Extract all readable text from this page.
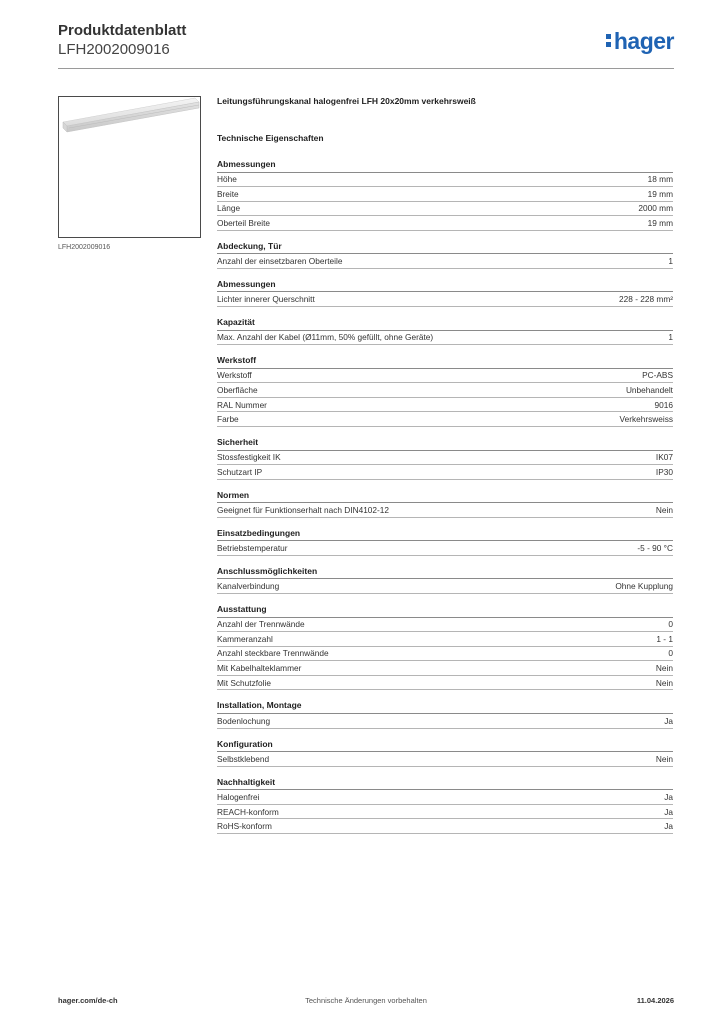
Produktdatenblatt
LFH2002009016	hager
LFH2002009016
Leitungsführungskanal halogenfrei LFH 20x20mm verkehrsweiß
Technische Eigenschaften
Abmessungen
Höhe	18 mm
Breite	19 mm
Länge	2000 mm
Oberteil Breite	19 mm
Abdeckung, Tür
Anzahl der einsetzbaren Oberteile	1
Abmessungen
Lichter innerer Querschnitt	228 - 228 mm²
Kapazität
Max. Anzahl der Kabel (Ø11mm, 50% gefüllt, ohne Geräte)	1
Werkstoff
Werkstoff	PC-ABS
Oberfläche	Unbehandelt
RAL Nummer	9016
Farbe	Verkehrsweiss
Sicherheit
Stossfestigkeit IK	IK07
Schutzart IP	IP30
Normen
Geeignet für Funktionserhalt nach DIN4102-12	Nein
Einsatzbedingungen
Betriebstemperatur	-5 - 90 °C
Anschlussmöglichkeiten
Kanalverbindung	Ohne Kupplung
Ausstattung
Anzahl der Trennwände	0
Kammeranzahl	1 - 1
Anzahl steckbare Trennwände	0
Mit Kabelhalteklammer	Nein
Mit Schutzfolie	Nein
Installation, Montage
Bodenlochung	Ja
Konfiguration
Selbstklebend	Nein
Nachhaltigkeit
Halogenfrei	Ja
REACH-konform	Ja
RoHS-konform	Ja
hager.com/de-ch	Technische Änderungen vorbehalten	11.04.2026
